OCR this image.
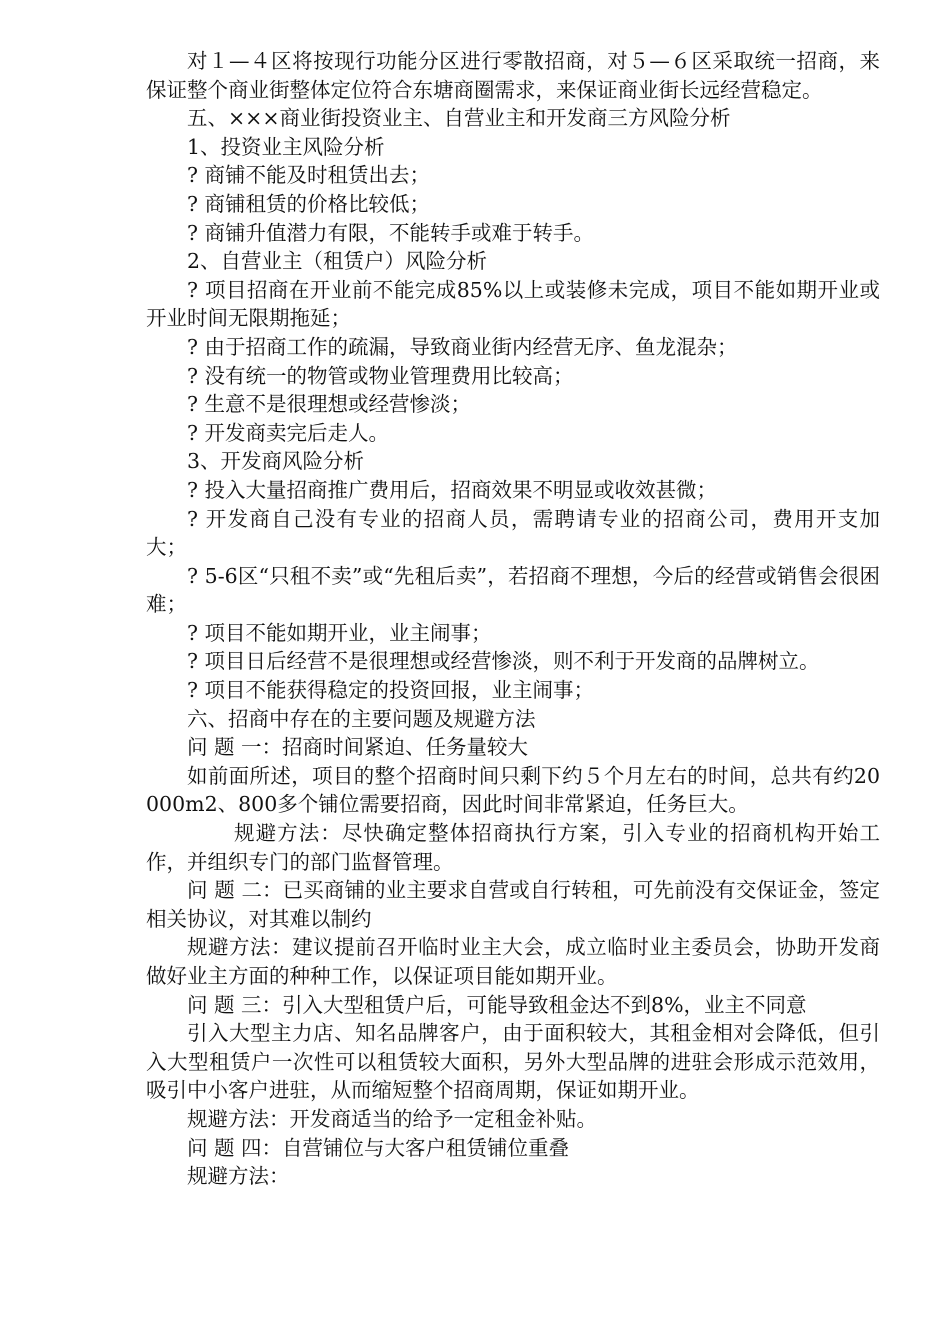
对１—４区将按现行功能分区进行零散招商，对５—６区采取统一招商，来保证整个商业街整体定位符合东塘商圈需求，来保证商业街长远经营稳定。

五、×××商业街投资业主、自营业主和开发商三方风险分析

1、投资业主风险分析

? 商铺不能及时租赁出去；

? 商铺租赁的价格比较低；

? 商铺升值潜力有限，不能转手或难于转手。

2、自营业主（租赁户）风险分析

? 项目招商在开业前不能完成85%以上或装修未完成，项目不能如期开业或开业时间无限期拖延；

? 由于招商工作的疏漏，导致商业街内经营无序、鱼龙混杂；

? 没有统一的物管或物业管理费用比较高；

? 生意不是很理想或经营惨淡；

? 开发商卖完后走人。

3、开发商风险分析

? 投入大量招商推广费用后，招商效果不明显或收效甚微；

? 开发商自己没有专业的招商人员，需聘请专业的招商公司，费用开支加大；

? 5-6区“只租不卖”或“先租后卖”，若招商不理想，今后的经营或销售会很困难；

? 项目不能如期开业，业主闹事；

? 项目日后经营不是很理想或经营惨淡，则不利于开发商的品牌树立。

? 项目不能获得稳定的投资回报，业主闹事；

六、招商中存在的主要问题及规避方法

问 题 一：招商时间紧迫、任务量较大

如前面所述，项目的整个招商时间只剩下约５个月左右的时间，总共有约20000m2、800多个铺位需要招商，因此时间非常紧迫，任务巨大。

规避方法：尽快确定整体招商执行方案，引入专业的招商机构开始工作，并组织专门的部门监督管理。

问 题 二：已买商铺的业主要求自营或自行转租，可先前没有交保证金，签定相关协议，对其难以制约

规避方法：建议提前召开临时业主大会，成立临时业主委员会，协助开发商做好业主方面的种种工作，以保证项目能如期开业。

问 题 三：引入大型租赁户后，可能导致租金达不到8%，业主不同意

引入大型主力店、知名品牌客户，由于面积较大，其租金相对会降低，但引入大型租赁户一次性可以租赁较大面积，另外大型品牌的进驻会形成示范效用，吸引中小客户进驻，从而缩短整个招商周期，保证如期开业。

规避方法：开发商适当的给予一定租金补贴。

问 题 四：自营铺位与大客户租赁铺位重叠

规避方法：
